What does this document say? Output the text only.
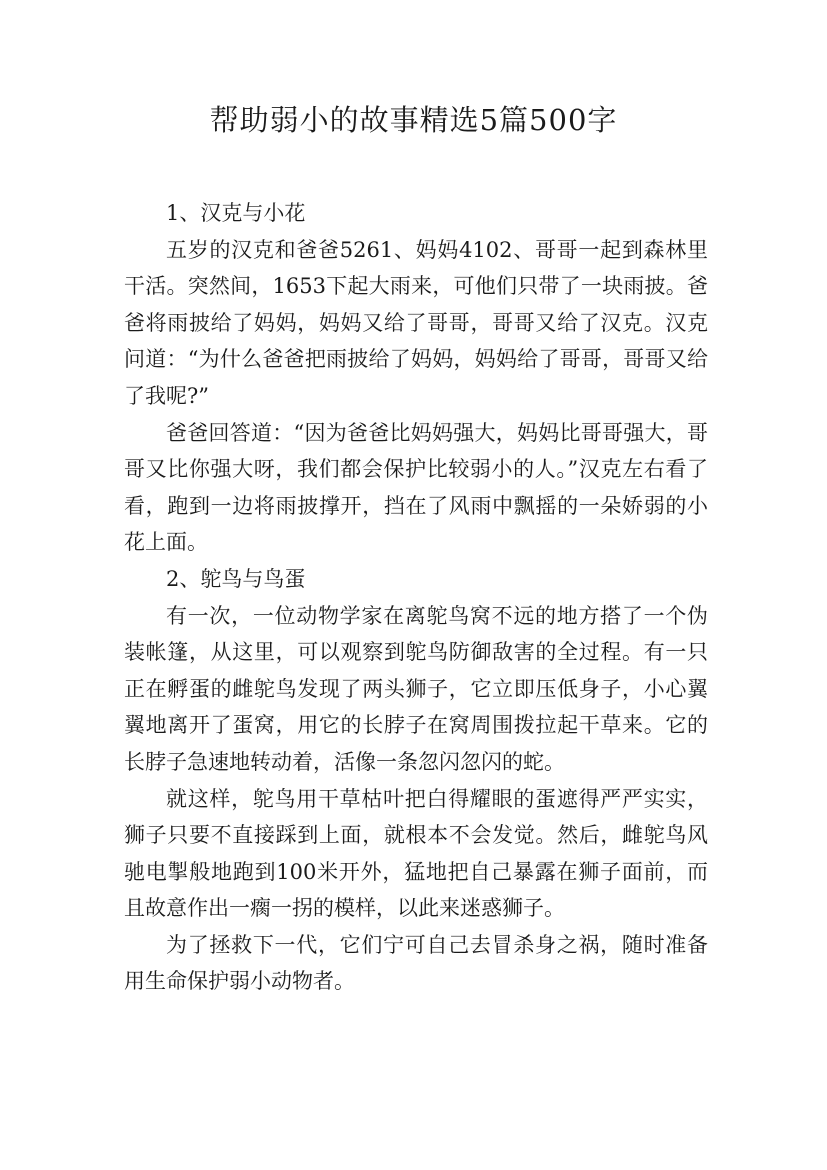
帮助弱小的故事精选5篇500字

1、汉克与小花

五岁的汉克和爸爸5261、妈妈4102、哥哥一起到森林里干活。突然间，1653下起大雨来，可他们只带了一块雨披。爸爸将雨披给了妈妈，妈妈又给了哥哥，哥哥又给了汉克。汉克问道：“为什么爸爸把雨披给了妈妈，妈妈给了哥哥，哥哥又给了我呢?”

爸爸回答道：“因为爸爸比妈妈强大，妈妈比哥哥强大，哥哥又比你强大呀，我们都会保护比较弱小的人。”汉克左右看了看，跑到一边将雨披撑开，挡在了风雨中飘摇的一朵娇弱的小花上面。

2、鸵鸟与鸟蛋

有一次，一位动物学家在离鸵鸟窝不远的地方搭了一个伪装帐篷，从这里，可以观察到鸵鸟防御敌害的全过程。有一只正在孵蛋的雌鸵鸟发现了两头狮子，它立即压低身子，小心翼翼地离开了蛋窝，用它的长脖子在窝周围拨拉起干草来。它的长脖子急速地转动着，活像一条忽闪忽闪的蛇。

就这样，鸵鸟用干草枯叶把白得耀眼的蛋遮得严严实实，狮子只要不直接踩到上面，就根本不会发觉。然后，雌鸵鸟风驰电掣般地跑到100米开外，猛地把自己暴露在狮子面前，而且故意作出一瘸一拐的模样，以此来迷惑狮子。

为了拯救下一代，它们宁可自己去冒杀身之祸，随时准备用生命保护弱小动物者。
